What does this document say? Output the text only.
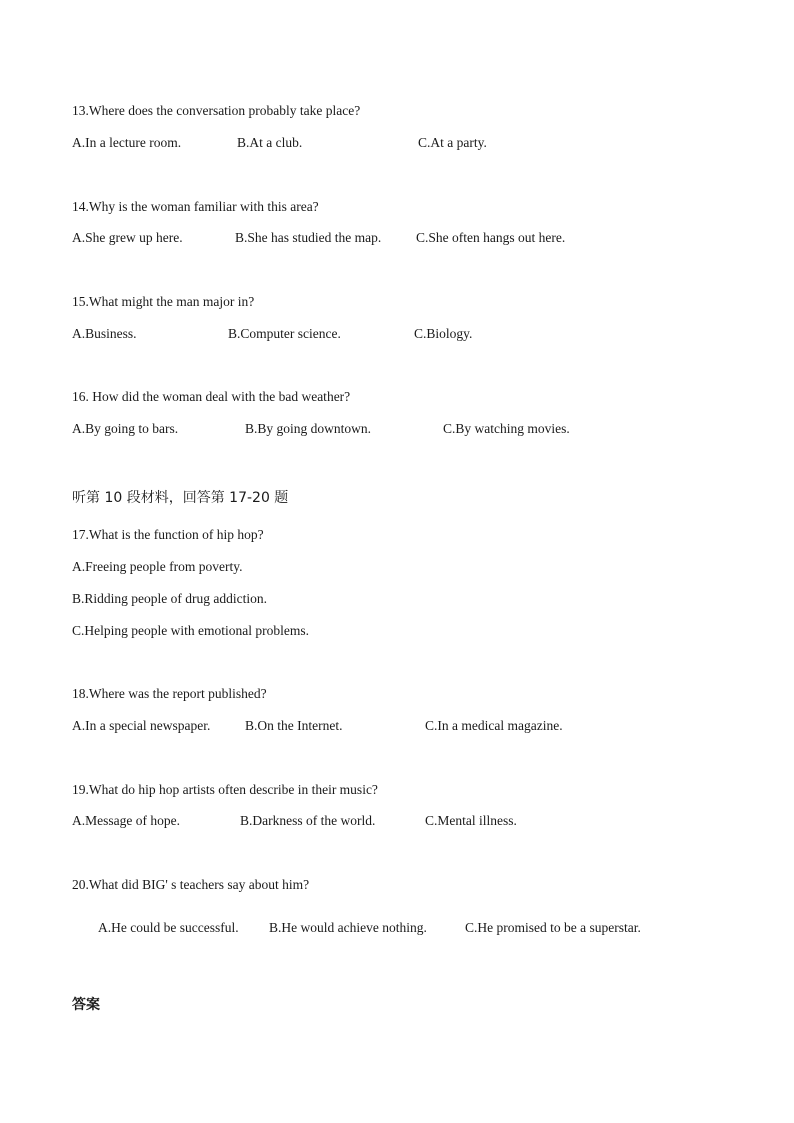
13.Where does the conversation probably take place?
A.In a lecture room.	B.At a club.	C.At a party.
14.Why is the woman familiar with this area?
A.She grew up here.	B.She has studied the map.	C.She often hangs out here.
15.What might the man major in?
A.Business.	B.Computer science.	C.Biology.
16. How did the woman deal with the bad weather?
A.By going to bars.	B.By going downtown.	C.By watching movies.
听第 10 段材料，回答第 17-20 题
17.What is the function of hip hop?
A.Freeing people from poverty.
B.Ridding people of drug addiction.
C.Helping people with emotional problems.
18.Where was the report published?
A.In a special newspaper.	B.On the Internet.	C.In a medical magazine.
19.What do hip hop artists often describe in their music?
A.Message of hope.	B.Darkness of the world.	C.Mental illness.
20.What did BIG' s teachers say about him?
A.He could be successful. B.He would achieve nothing.	C.He promised to be a superstar.
答案
